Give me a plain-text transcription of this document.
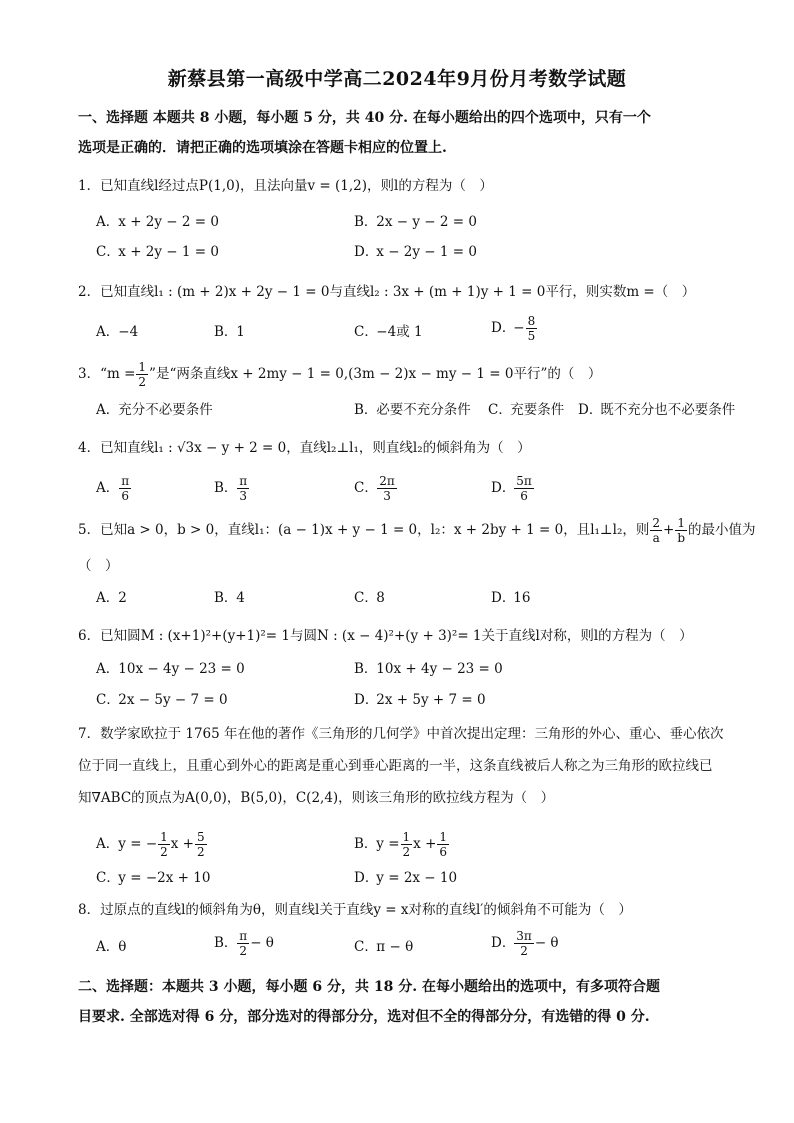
新蔡县第一高级中学高二2024年9月份月考数学试题
一、选择题 本题共 8 小题，每小题 5 分，共 40 分. 在每小题给出的四个选项中，只有一个
选项是正确的．请把正确的选项填涂在答题卡相应的位置上.
1．已知直线l经过点P(1,0)，且法向量v = (1,2)，则l的方程为（　）
A． x + 2y − 2 = 0	B． 2x − y − 2 = 0
C． x + 2y − 1 = 0	D． x − 2y − 1 = 0
2．已知直线l₁ : (m + 2)x + 2y − 1 = 0与直线l₂ : 3x + (m + 1)y + 1 = 0平行，则实数m =（　）
A． −4	B． 1	C． −4或 1	D． − $\frac{8}{5}$
3．“$m = \frac{1}{2}$ ”是“两条直线x + 2my − 1 = 0,(3m − 2)x − my − 1 = 0平行”的（　）
A． 充分不必要条件	B． 必要不充分条件 C． 充要条件 D． 既不充分也不必要条件
4．已知直线l₁ : √3x − y + 2 = 0，直线l₂⊥l₁，则直线l₂的倾斜角为（　）
A． $\frac{\pi}{6}$	B． $\frac{\pi}{3}$	C． $\frac{2\pi}{3}$	D．
$\frac{5\pi}{6}$
5．已知a > 0，b > 0，直线l₁：(a − 1)x + y − 1 = 0，l₂：x + 2by + 1 = 0，且l₁⊥l₂，则 $\frac{2}{a} + \frac{1}{b}$ 的最小值为
（　）
A． 2	B． 4	C． 8	D． 16
6．已知圆M : (x+1)²+(y+1)²= 1与圆N : (x − 4)²+(y + 3)²= 1关于直线l对称，则l的方程为（　）
A． 10x − 4y − 23 = 0	B． 10x + 4y − 23 = 0
C． 2x − 5y − 7 = 0	D． 2x + 5y + 7 = 0
7．数学家欧拉于 1765 年在他的著作《三角形的几何学》中首次提出定理：三角形的外心、重心、垂心依次
位于同一直线上，且重心到外心的距离是重心到垂心距离的一半，这条直线被后人称之为三角形的欧拉线已
知∇ABC的顶点为A(0,0)，B(5,0)，C(2,4)，则该三角形的欧拉线方程为（　）
A． y = − $\frac{1}{2}$ $x + \frac{5}{2}$	B． $y = \frac{1}{2}$ $x + \frac{1}{6}$
C． y = −2x + 10	D． y = 2x − 10
8．过原点的直线l的倾斜角为θ，则直线l关于直线y = x对称的直线l′的倾斜角不可能为（　）
A． θ	B． $\frac{\pi}{2} - \theta$	C． π − θ	D．
$\frac{3\pi}{2} - \theta$
二、选择题：本题共 3 小题，每小题 6 分，共 18 分. 在每小题给出的选项中，有多项符合题
目要求. 全部选对得 6 分，部分选对的得部分分，选对但不全的得部分分，有选错的得 0 分.
